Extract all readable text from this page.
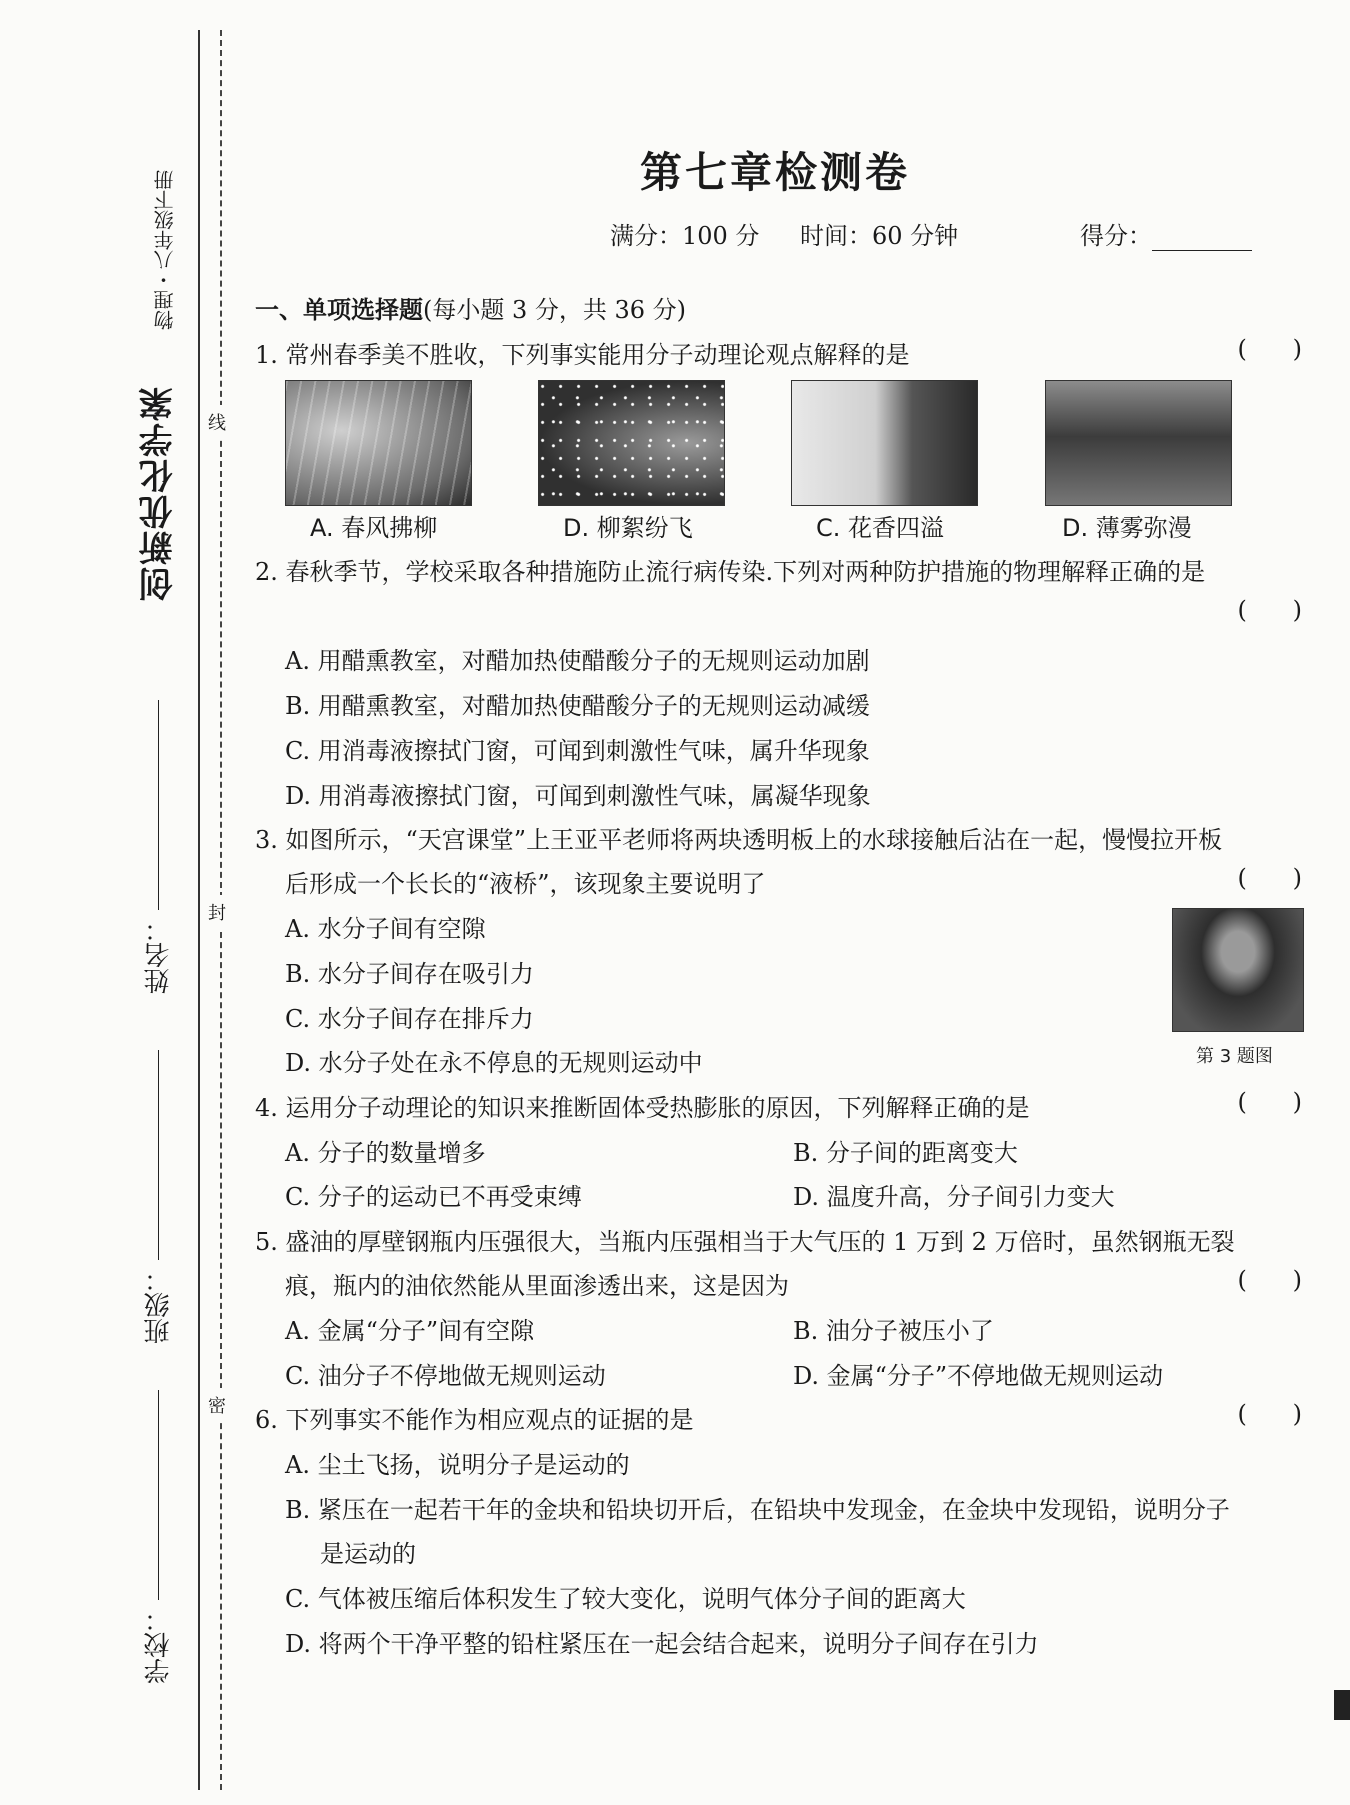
物理・八年级下册
创新优化学案
姓名：
班级：
学校：
线
封
密
第七章检测卷
满分：100 分 时间：60 分钟	得分：
一、单项选择题(每小题 3 分，共 36 分)
1. 常州春季美不胜收，下列事实能用分子动理论观点解释的是	(      )
A. 春风拂柳	D. 柳絮纷飞	C. 花香四溢	D. 薄雾弥漫
2. 春秋季节，学校采取各种措施防止流行病传染.下列对两种防护措施的物理解释正确的是
(      )
A. 用醋熏教室，对醋加热使醋酸分子的无规则运动加剧
B. 用醋熏教室，对醋加热使醋酸分子的无规则运动减缓
C. 用消毒液擦拭门窗，可闻到刺激性气味，属升华现象
D. 用消毒液擦拭门窗，可闻到刺激性气味，属凝华现象
3. 如图所示，“天宫课堂”上王亚平老师将两块透明板上的水球接触后沾在一起，慢慢拉开板
后形成一个长长的“液桥”，该现象主要说明了	(      )
A. 水分子间有空隙
B. 水分子间存在吸引力
C. 水分子间存在排斥力
D. 水分子处在永不停息的无规则运动中	第 3 题图
4. 运用分子动理论的知识来推断固体受热膨胀的原因，下列解释正确的是	(      )
A. 分子的数量增多	B. 分子间的距离变大
C. 分子的运动已不再受束缚	D. 温度升高，分子间引力变大
5. 盛油的厚壁钢瓶内压强很大，当瓶内压强相当于大气压的 1 万到 2 万倍时，虽然钢瓶无裂
痕，瓶内的油依然能从里面渗透出来，这是因为	(      )
A. 金属“分子”间有空隙	B. 油分子被压小了
C. 油分子不停地做无规则运动	D. 金属“分子”不停地做无规则运动
6. 下列事实不能作为相应观点的证据的是	(      )
A. 尘土飞扬，说明分子是运动的
B. 紧压在一起若干年的金块和铅块切开后，在铅块中发现金，在金块中发现铅，说明分子
是运动的
C. 气体被压缩后体积发生了较大变化，说明气体分子间的距离大
D. 将两个干净平整的铅柱紧压在一起会结合起来，说明分子间存在引力
